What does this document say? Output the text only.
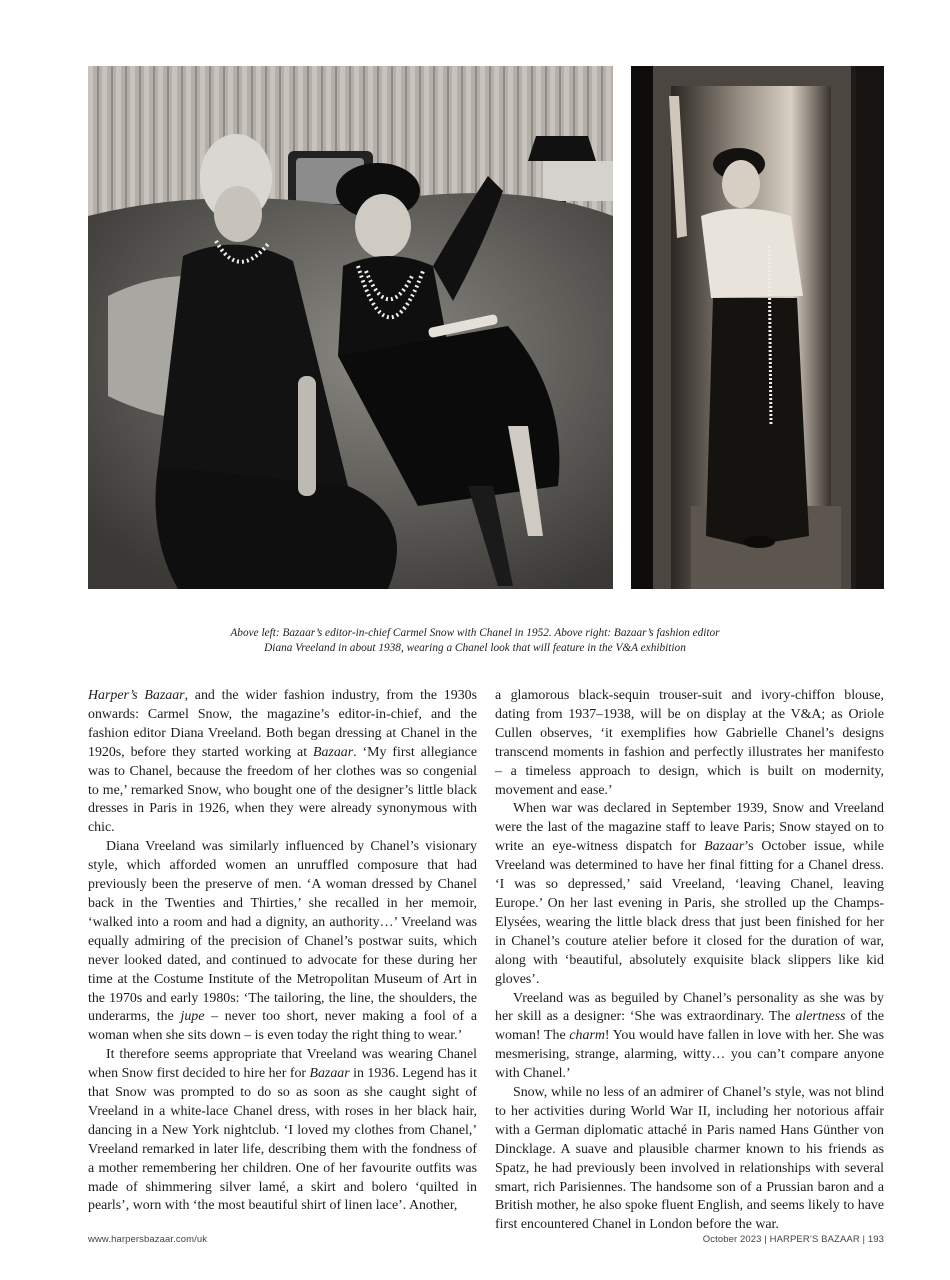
Above left: Bazaar’s editor-in-chief Carmel Snow with Chanel in 1952. Above right: Bazaar’s fashion editor

Diana Vreeland in about 1938, wearing a Chanel look that will feature in the V&A exhibition

Harper’s Bazaar, and the wider fashion industry, from the 1930s onwards: Carmel Snow, the magazine’s editor-in-chief, and the fashion editor Diana Vreeland. Both began dressing at Chanel in the 1920s, before they started working at Bazaar. ‘My first allegiance was to Chanel, because the freedom of her clothes was so congenial to me,’ remarked Snow, who bought one of the designer’s little black dresses in Paris in 1926, when they were already synonymous with chic.

Diana Vreeland was similarly influenced by Chanel’s visionary style, which afforded women an unruffled composure that had previously been the preserve of men. ‘A woman dressed by Chanel back in the Twenties and Thirties,’ she recalled in her memoir, ‘walked into a room and had a dignity, an authority…’ Vreeland was equally admiring of the precision of Chanel’s postwar suits, which never looked dated, and continued to advocate for these during her time at the Costume Institute of the Metropolitan Museum of Art in the 1970s and early 1980s: ‘The tailoring, the line, the shoulders, the underarms, the jupe – never too short, never making a fool of a woman when she sits down – is even today the right thing to wear.’

It therefore seems appropriate that Vreeland was wearing Chanel when Snow first decided to hire her for Bazaar in 1936. Legend has it that Snow was prompted to do so as soon as she caught sight of Vreeland in a white-lace Chanel dress, with roses in her black hair, dancing in a New York nightclub. ‘I loved my clothes from Chanel,’ Vreeland remarked in later life, describing them with the fondness of a mother remembering her children. One of her favourite outfits was made of shimmering silver lamé, a skirt and bolero ‘quilted in pearls’, worn with ‘the most beautiful shirt of linen lace’. Another,

a glamorous black-sequin trouser-suit and ivory-chiffon blouse, dating from 1937–1938, will be on display at the V&A; as Oriole Cullen observes, ‘it exemplifies how Gabrielle Chanel’s designs transcend moments in fashion and perfectly illustrates her manifesto – a timeless approach to design, which is built on modernity, movement and ease.’

When war was declared in September 1939, Snow and Vreeland were the last of the magazine staff to leave Paris; Snow stayed on to write an eye-witness dispatch for Bazaar’s October issue, while Vreeland was determined to have her final fitting for a Chanel dress. ‘I was so depressed,’ said Vreeland, ‘leaving Chanel, leaving Europe.’ On her last evening in Paris, she strolled up the Champs-Elysées, wearing the little black dress that just been finished for her in Chanel’s couture atelier before it closed for the duration of war, along with ‘beautiful, absolutely exquisite black slippers like kid gloves’.

Vreeland was as beguiled by Chanel’s personality as she was by her skill as a designer: ‘She was extraordinary. The alertness of the woman! The charm! You would have fallen in love with her. She was mesmerising, strange, alarming, witty… you can’t compare anyone with Chanel.’

Snow, while no less of an admirer of Chanel’s style, was not blind to her activities during World War II, including her notorious affair with a German diplomatic attaché in Paris named Hans Günther von Dincklage. A suave and plausible charmer known to his friends as Spatz, he had previously been involved in relationships with several smart, rich Parisiennes. The handsome son of a Prussian baron and a British mother, he also spoke fluent English, and seems likely to have first encountered Chanel in London before the war.

www.harpersbazaar.com/uk	October 2023 | HARPER’S BAZAAR | 193
